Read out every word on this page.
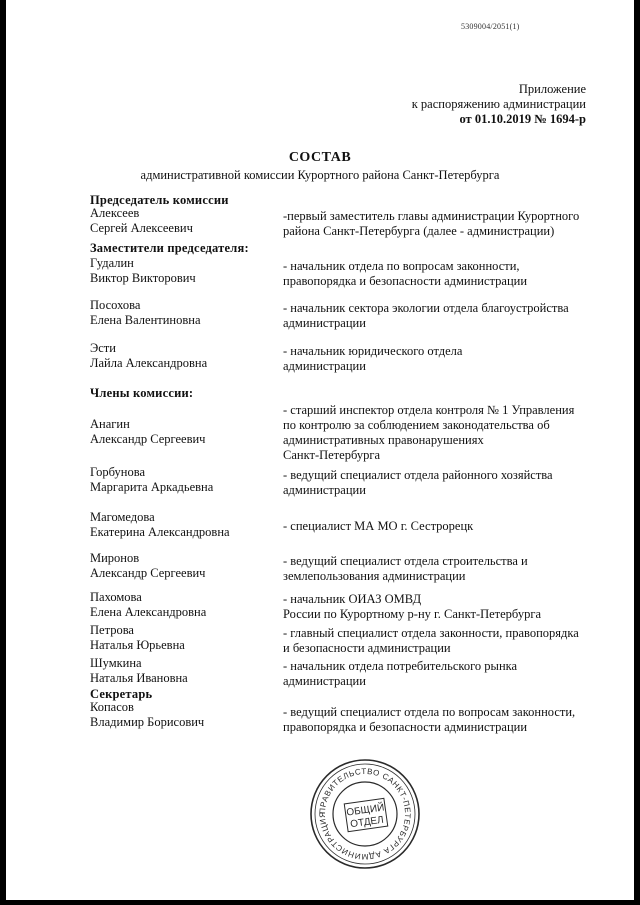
5309004/2051(1)
Приложение
к распоряжению администрации
от 01.10.2019 № 1694-р
СОСТАВ
административной комиссии Курортного района Санкт-Петербурга
Председатель комиссии
Алексеев
Сергей Алексеевич
-первый заместитель главы администрации Курортного
района Санкт-Петербурга (далее - администрации)
Заместители председателя:
Гудалин
Виктор Викторович
- начальник отдела по вопросам законности,
правопорядка и безопасности администрации
Посохова
Елена Валентиновна
- начальник сектора экологии отдела благоустройства
администрации
Эсти
Лайла Александровна
- начальник юридического отдела
администрации
Члены комиссии:
Анагин
Александр Сергеевич
- старший инспектор отдела контроля № 1 Управления
по контролю за соблюдением законодательства об
административных правонарушениях
Санкт-Петербурга
Горбунова
Маргарита Аркадьевна
- ведущий специалист отдела районного хозяйства
администрации
Магомедова
Екатерина Александровна	- специалист МА МО г. Сестрорецк
Миронов
Александр Сергеевич
- ведущий специалист отдела строительства и
землепользования администрации
Пахомова
Елена Александровна
- начальник ОИАЗ ОМВД
России по Курортному р-ну г. Санкт-Петербурга
Петрова
Наталья Юрьевна
- главный специалист отдела законности, правопорядка
и безопасности администрации
Шумкина
Наталья Ивановна
- начальник отдела потребительского рынка
администрации
Секретарь
Копасов
Владимир Борисович
- ведущий специалист отдела по вопросам законности,
правопорядка и безопасности администрации
ПРАВИТЕЛЬСТВО САНКТ-ПЕТЕРБУРГА АДМИНИСТРАЦИЯ	ОБЩИЙ
ОТДЕЛ
